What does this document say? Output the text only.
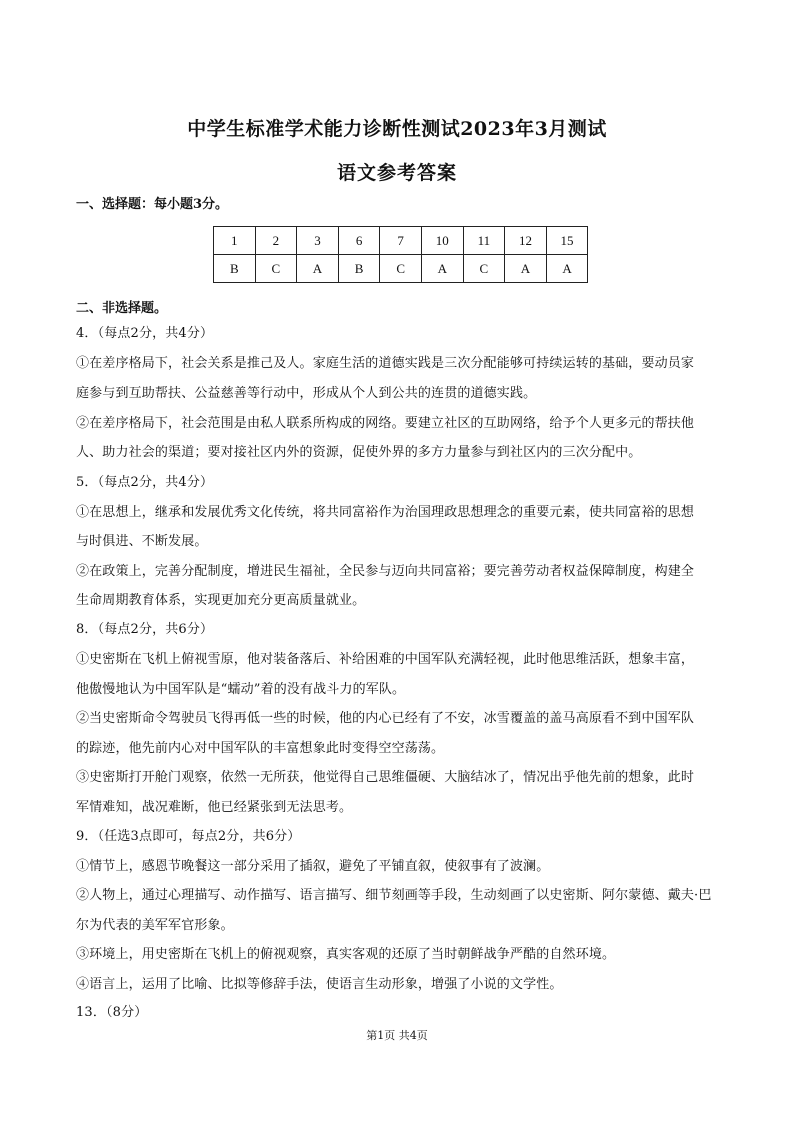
中学生标准学术能力诊断性测试2023年3月测试
语文参考答案
一、选择题：每小题3分。
1	2	3	6	7	10	11	12	15
B	C	A	B	C	A	C	A	A
二、非选择题。
4．（每点2分，共4分）
①在差序格局下，社会关系是推己及人。家庭生活的道德实践是三次分配能够可持续运转的基础，要动员家
庭参与到互助帮扶、公益慈善等行动中，形成从个人到公共的连贯的道德实践。
②在差序格局下，社会范围是由私人联系所构成的网络。要建立社区的互助网络，给予个人更多元的帮扶他
人、助力社会的渠道；要对接社区内外的资源，促使外界的多方力量参与到社区内的三次分配中。
5．（每点2分，共4分）
①在思想上，继承和发展优秀文化传统，将共同富裕作为治国理政思想理念的重要元素，使共同富裕的思想
与时俱进、不断发展。
②在政策上，完善分配制度，增进民生福祉，全民参与迈向共同富裕；要完善劳动者权益保障制度，构建全
生命周期教育体系，实现更加充分更高质量就业。
8．（每点2分，共6分）
①史密斯在飞机上俯视雪原，他对装备落后、补给困难的中国军队充满轻视，此时他思维活跃，想象丰富，
他傲慢地认为中国军队是“蠕动”着的没有战斗力的军队。
②当史密斯命令驾驶员飞得再低一些的时候，他的内心已经有了不安，冰雪覆盖的盖马高原看不到中国军队
的踪迹，他先前内心对中国军队的丰富想象此时变得空空荡荡。
③史密斯打开舱门观察，依然一无所获，他觉得自己思维僵硬、大脑结冰了，情况出乎他先前的想象，此时
军情难知，战况难断，他已经紧张到无法思考。
9．（任选3点即可，每点2分，共6分）
①情节上，感恩节晚餐这一部分采用了插叙，避免了平铺直叙，使叙事有了波澜。
②人物上，通过心理描写、动作描写、语言描写、细节刻画等手段，生动刻画了以史密斯、阿尔蒙德、戴夫·巴
尔为代表的美军军官形象。
③环境上，用史密斯在飞机上的俯视观察，真实客观的还原了当时朝鲜战争严酷的自然环境。
④语言上，运用了比喻、比拟等修辞手法，使语言生动形象，增强了小说的文学性。
13．（8分）
第1页 共4页
